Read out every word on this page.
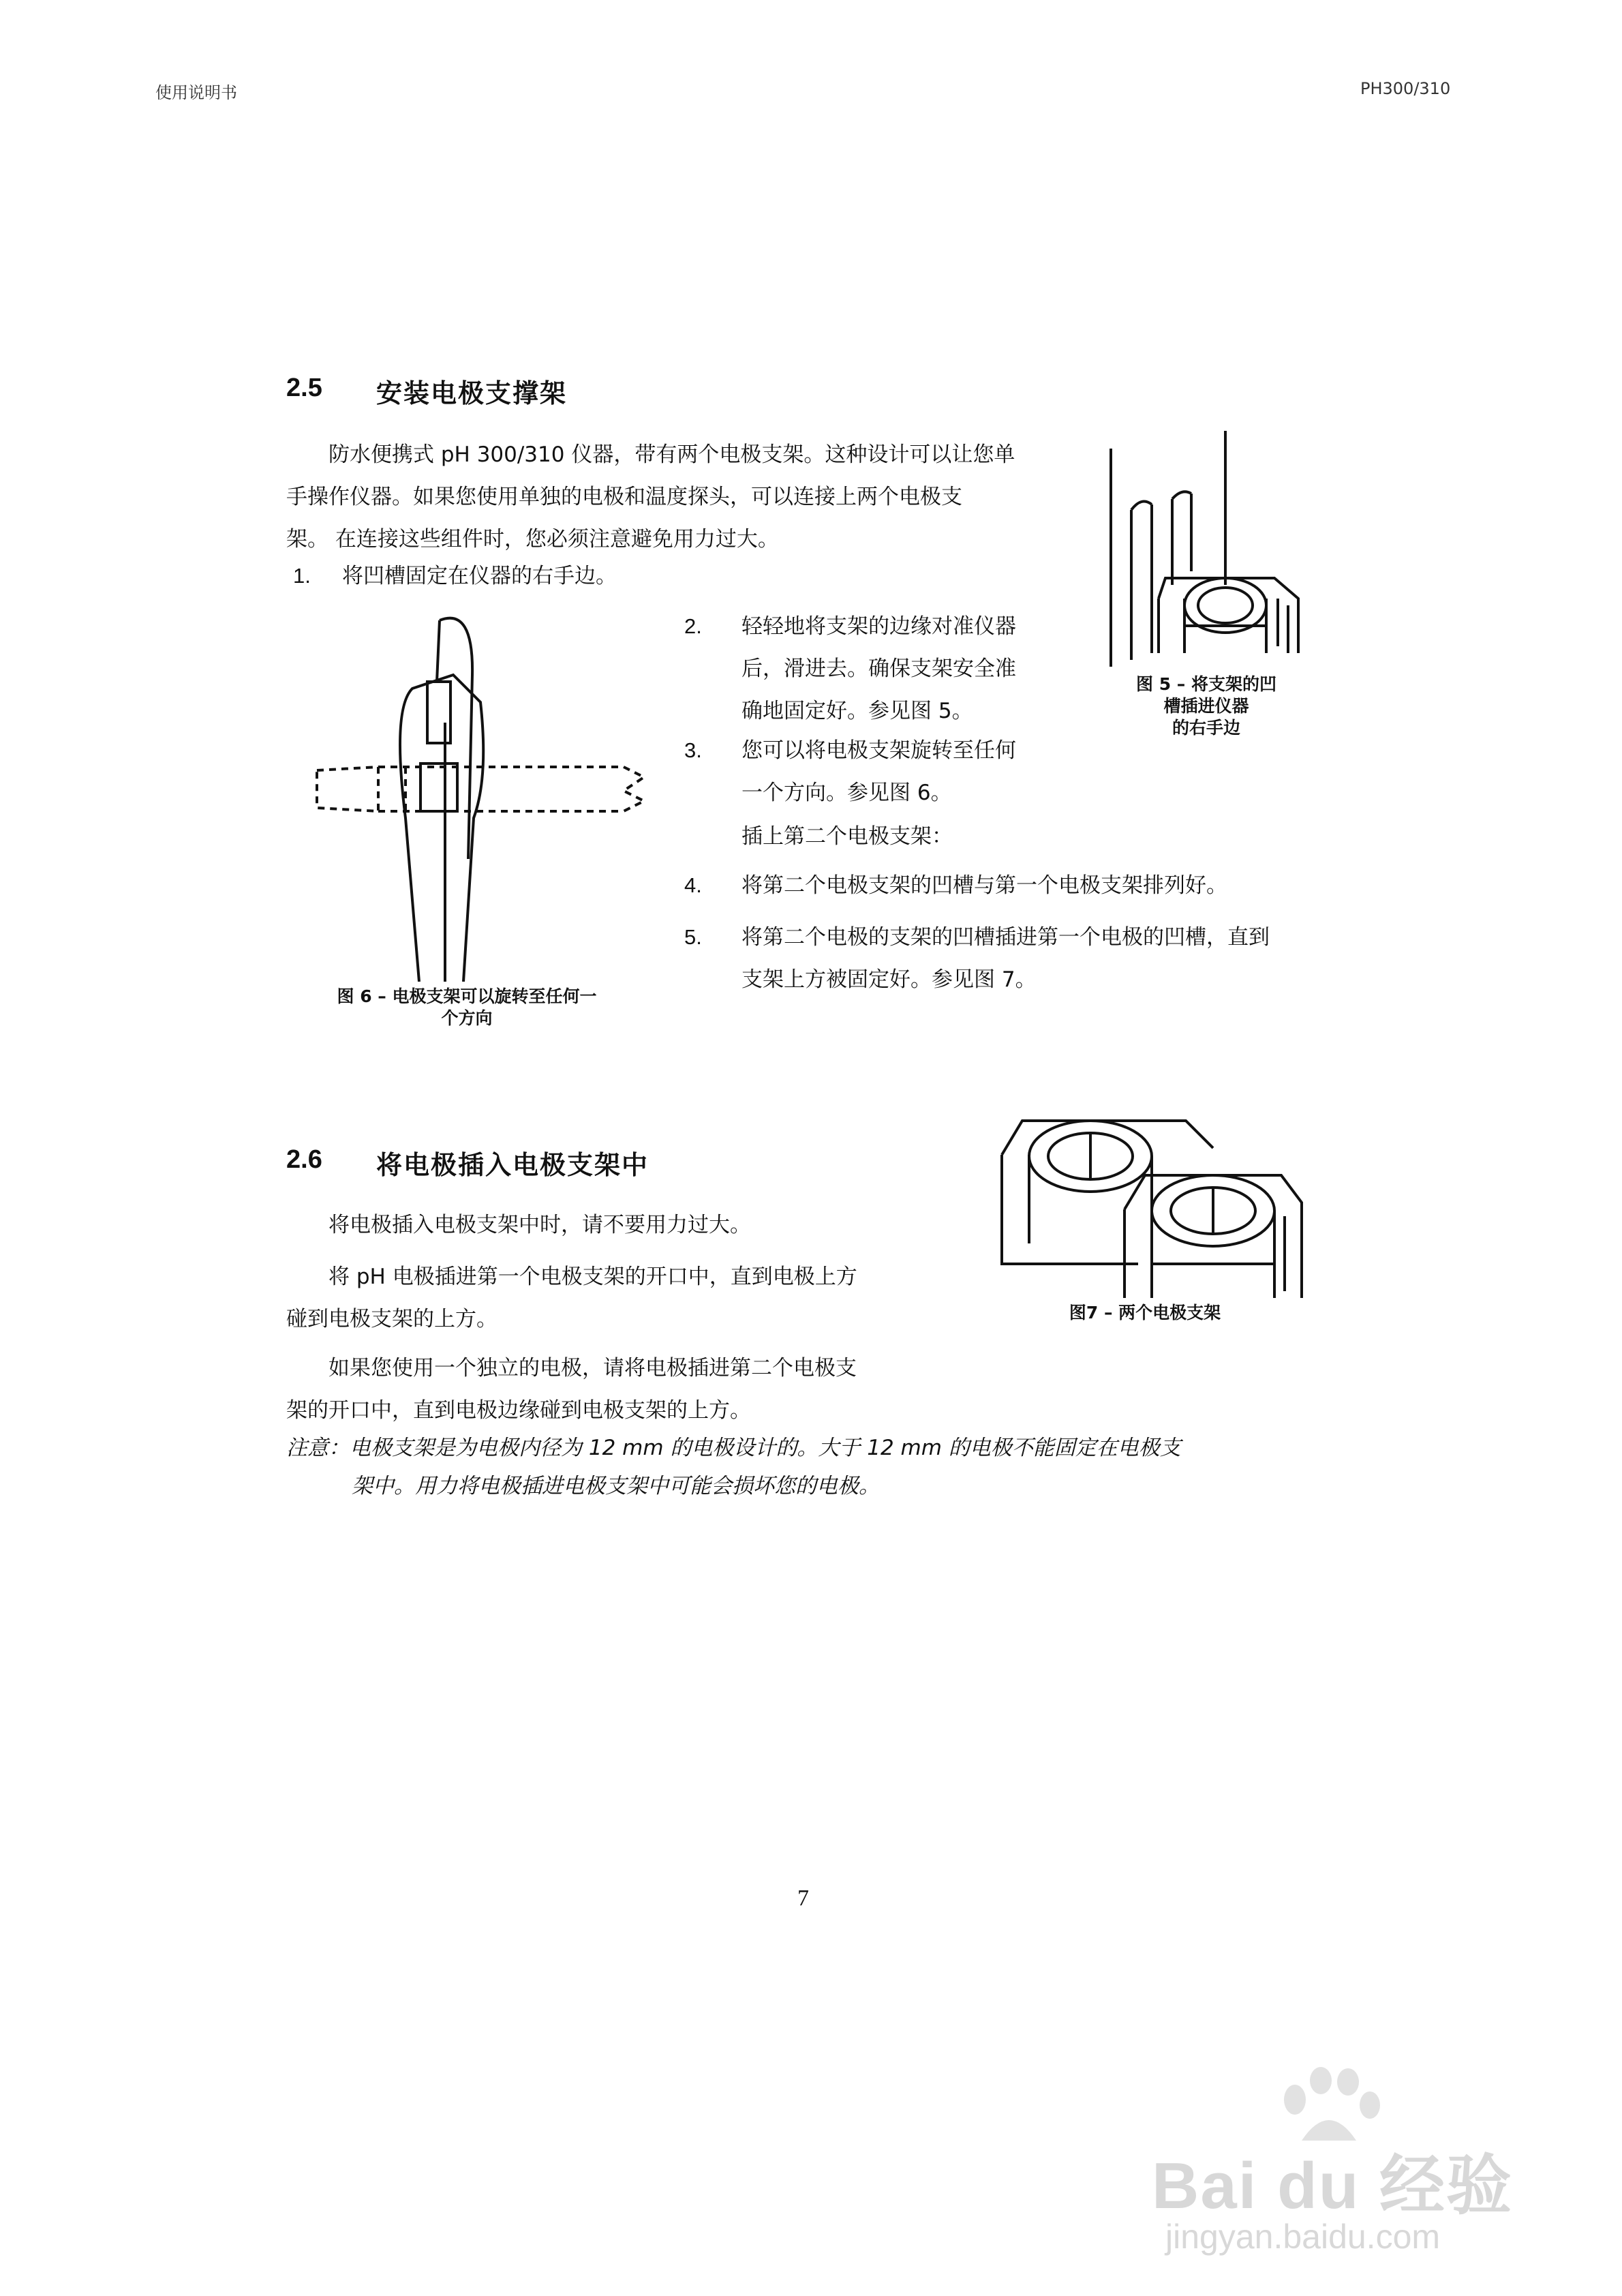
使用说明书	PH300/310
2.5 安装电极支撑架
防水便携式 pH 300/310 仪器，带有两个电极支架。这种设计可以让您单
手操作仪器。如果您使用单独的电极和温度探头，可以连接上两个电极支
架。 在连接这些组件时，您必须注意避免用力过大。
1. 将凹槽固定在仪器的右手边。
2. 轻轻地将支架的边缘对准仪器
后，滑进去。确保支架安全准
确地固定好。参见图 5。
3. 您可以将电极支架旋转至任何
一个方向。参见图 6。
插上第二个电极支架：
4. 将第二个电极支架的凹槽与第一个电极支架排列好。
5. 将第二个电极的支架的凹槽插进第一个电极的凹槽，直到
支架上方被固定好。参见图 7。
图 5 – 将支架的凹
槽插进仪器
的右手边
图 6 – 电极支架可以旋转至任何一
个方向
2.6 将电极插入电极支架中
将电极插入电极支架中时，请不要用力过大。
将 pH 电极插进第一个电极支架的开口中，直到电极上方
碰到电极支架的上方。
如果您使用一个独立的电极，请将电极插进第二个电极支
架的开口中，直到电极边缘碰到电极支架的上方。
图7 – 两个电极支架
注意：电极支架是为电极内径为 12 mm 的电极设计的。大于 12 mm 的电极不能固定在电极支
架中。用力将电极插进电极支架中可能会损坏您的电极。
7
Bai du 经验
jingyan.baidu.com
